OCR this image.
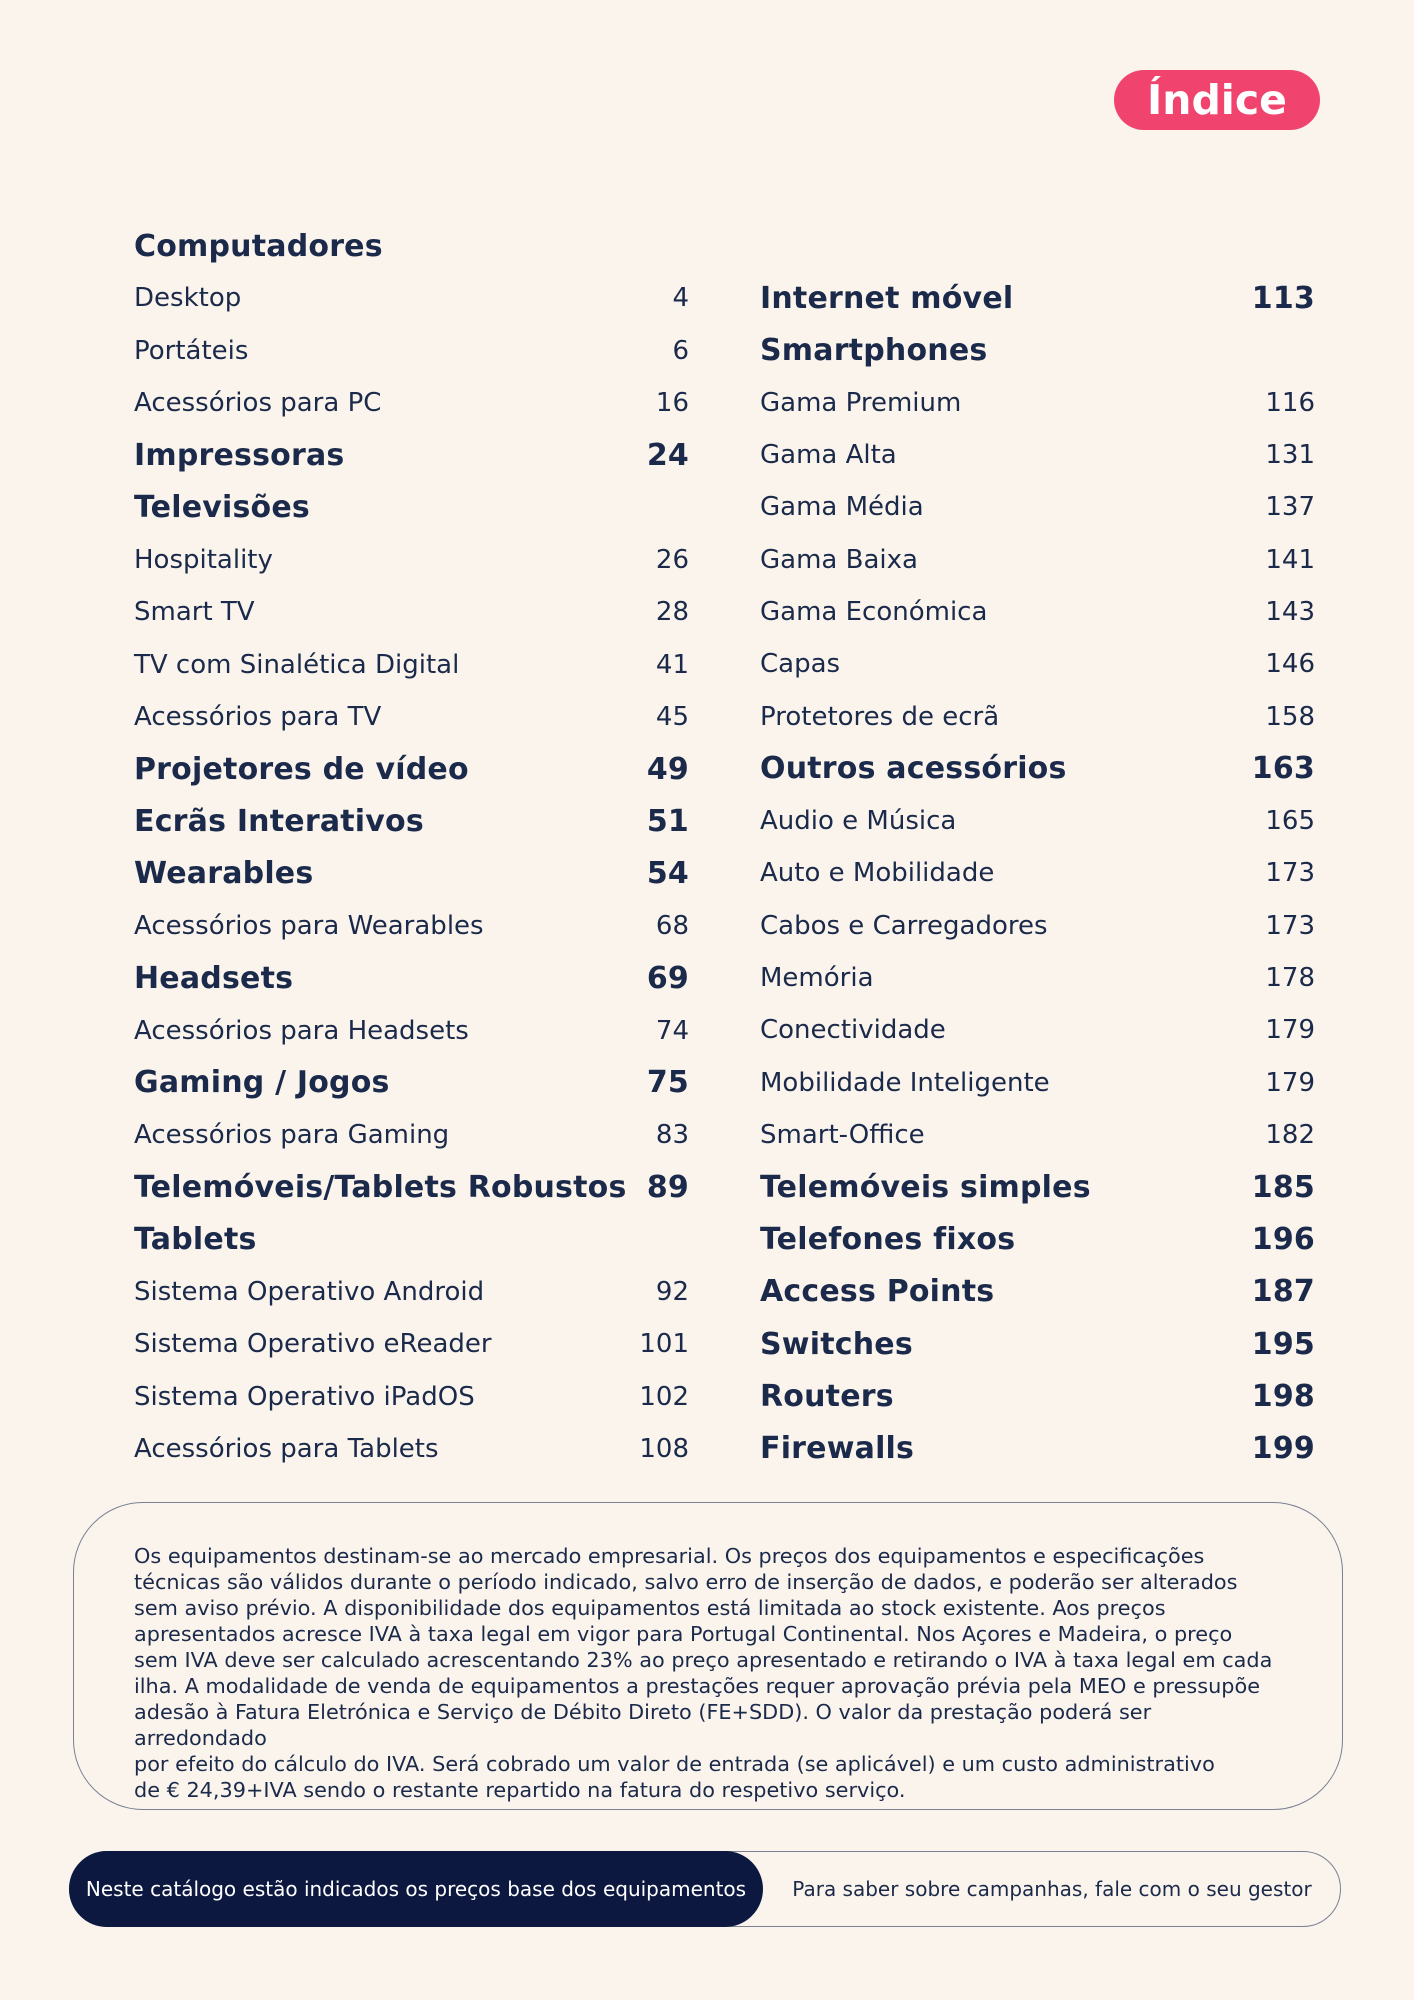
Índice
Computadores
Desktop	4
Portáteis	6
Acessórios para PC	16
Impressoras	24
Televisões
Hospitality	26
Smart TV	28
TV com Sinalética Digital	41
Acessórios para TV	45
Projetores de vídeo	49
Ecrãs Interativos	51
Wearables	54
Acessórios para Wearables	68
Headsets	69
Acessórios para Headsets	74
Gaming / Jogos	75
Acessórios para Gaming	83
Telemóveis/Tablets Robustos 89
Tablets
Sistema Operativo Android	92
Sistema Operativo eReader	101
Sistema Operativo iPadOS	102
Acessórios para Tablets	108
Internet móvel	113
Smartphones
Gama Premium	116
Gama Alta	131
Gama Média	137
Gama Baixa	141
Gama Económica	143
Capas	146
Protetores de ecrã	158
Outros acessórios	163
Audio e Música	165
Auto e Mobilidade	173
Cabos e Carregadores	173
Memória	178
Conectividade	179
Mobilidade Inteligente	179
Smart-Office	182
Telemóveis simples	185
Telefones fixos	196
Access Points	187
Switches	195
Routers	198
Firewalls	199

Os equipamentos destinam-se ao mercado empresarial. Os preços dos equipamentos e especificações
técnicas são válidos durante o período indicado, salvo erro de inserção de dados, e poderão ser alterados
sem aviso prévio. A disponibilidade dos equipamentos está limitada ao stock existente. Aos preços
apresentados acresce IVA à taxa legal em vigor para Portugal Continental. Nos Açores e Madeira, o preço
sem IVA deve ser calculado acrescentando 23% ao preço apresentado e retirando o IVA à taxa legal em cada
ilha. A modalidade de venda de equipamentos a prestações requer aprovação prévia pela MEO e pressupõe
adesão à Fatura Eletrónica e Serviço de Débito Direto (FE+SDD). O valor da prestação poderá ser arredondado
por efeito do cálculo do IVA. Será cobrado um valor de entrada (se aplicável) e um custo administrativo
de € 24,39+IVA sendo o restante repartido na fatura do respetivo serviço.

Neste catálogo estão indicados os preços base dos equipamentos	Para saber sobre campanhas, fale com o seu gestor
